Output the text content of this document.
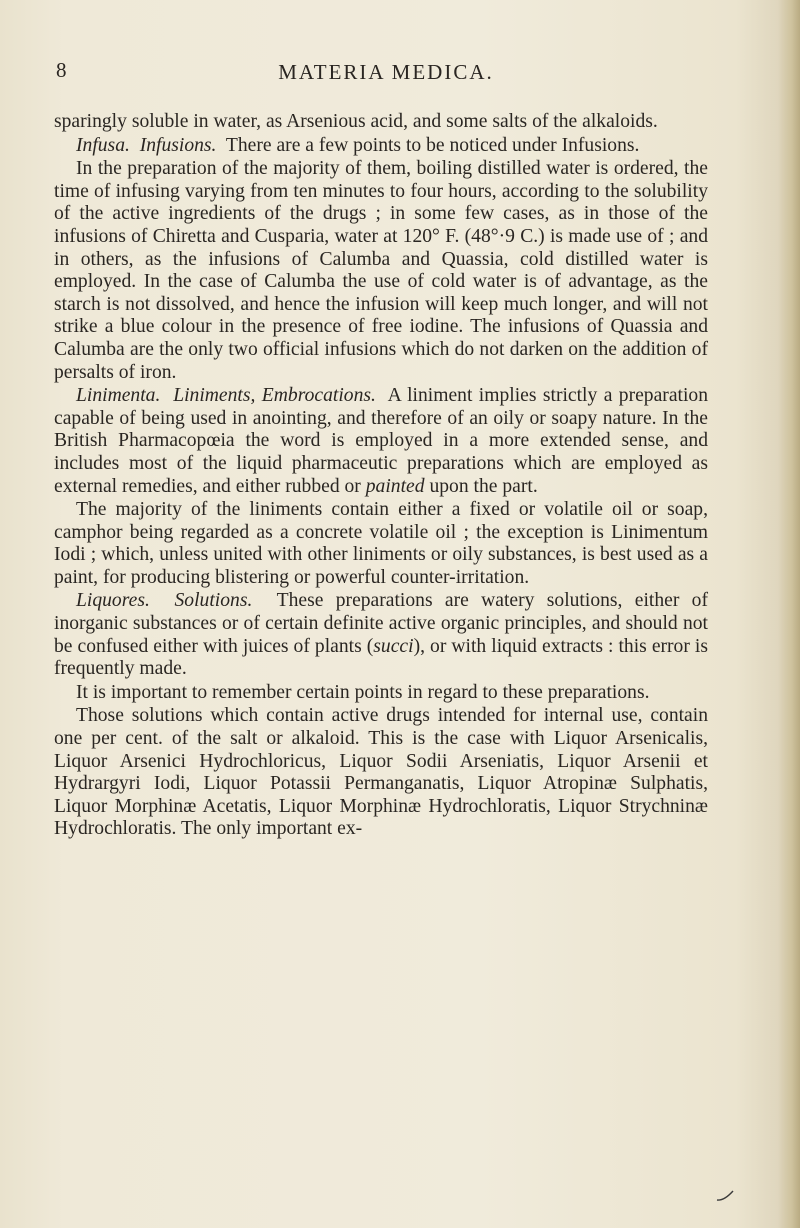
8	MATERIA MEDICA.

sparingly soluble in water, as Arsenious acid, and some salts of the alkaloids.

Infusa. Infusions. There are a few points to be noticed under Infusions.

In the preparation of the majority of them, boiling distilled water is ordered, the time of infusing varying from ten minutes to four hours, according to the solubility of the active ingredients of the drugs ; in some few cases, as in those of the infusions of Chiretta and Cusparia, water at 120° F. (48°·9 C.) is made use of ; and in others, as the infusions of Calumba and Quassia, cold distilled water is employed. In the case of Calumba the use of cold water is of advantage, as the starch is not dissolved, and hence the infusion will keep much longer, and will not strike a blue colour in the presence of free iodine. The infusions of Quassia and Calumba are the only two official infusions which do not darken on the addition of persalts of iron.

Linimenta. Liniments, Embrocations. A liniment implies strictly a preparation capable of being used in anointing, and therefore of an oily or soapy nature. In the British Pharmacopœia the word is employed in a more extended sense, and includes most of the liquid pharmaceutic preparations which are employed as external remedies, and either rubbed or painted upon the part.

The majority of the liniments contain either a fixed or volatile oil or soap, camphor being regarded as a concrete volatile oil ; the exception is Linimentum Iodi ; which, unless united with other liniments or oily substances, is best used as a paint, for producing blistering or powerful counter-irritation.

Liquores. Solutions. These preparations are watery solutions, either of inorganic substances or of certain definite active organic principles, and should not be confused either with juices of plants (succi), or with liquid extracts : this error is frequently made.

It is important to remember certain points in regard to these preparations.

Those solutions which contain active drugs intended for internal use, contain one per cent. of the salt or alkaloid. This is the case with Liquor Arsenicalis, Liquor Arsenici Hydrochloricus, Liquor Sodii Arseniatis, Liquor Arsenii et Hydrargyri Iodi, Liquor Potassii Permanganatis, Liquor Atropinæ Sulphatis, Liquor Morphinæ Acetatis, Liquor Morphinæ Hydrochloratis, Liquor Strychninæ Hydrochloratis. The only important ex-
